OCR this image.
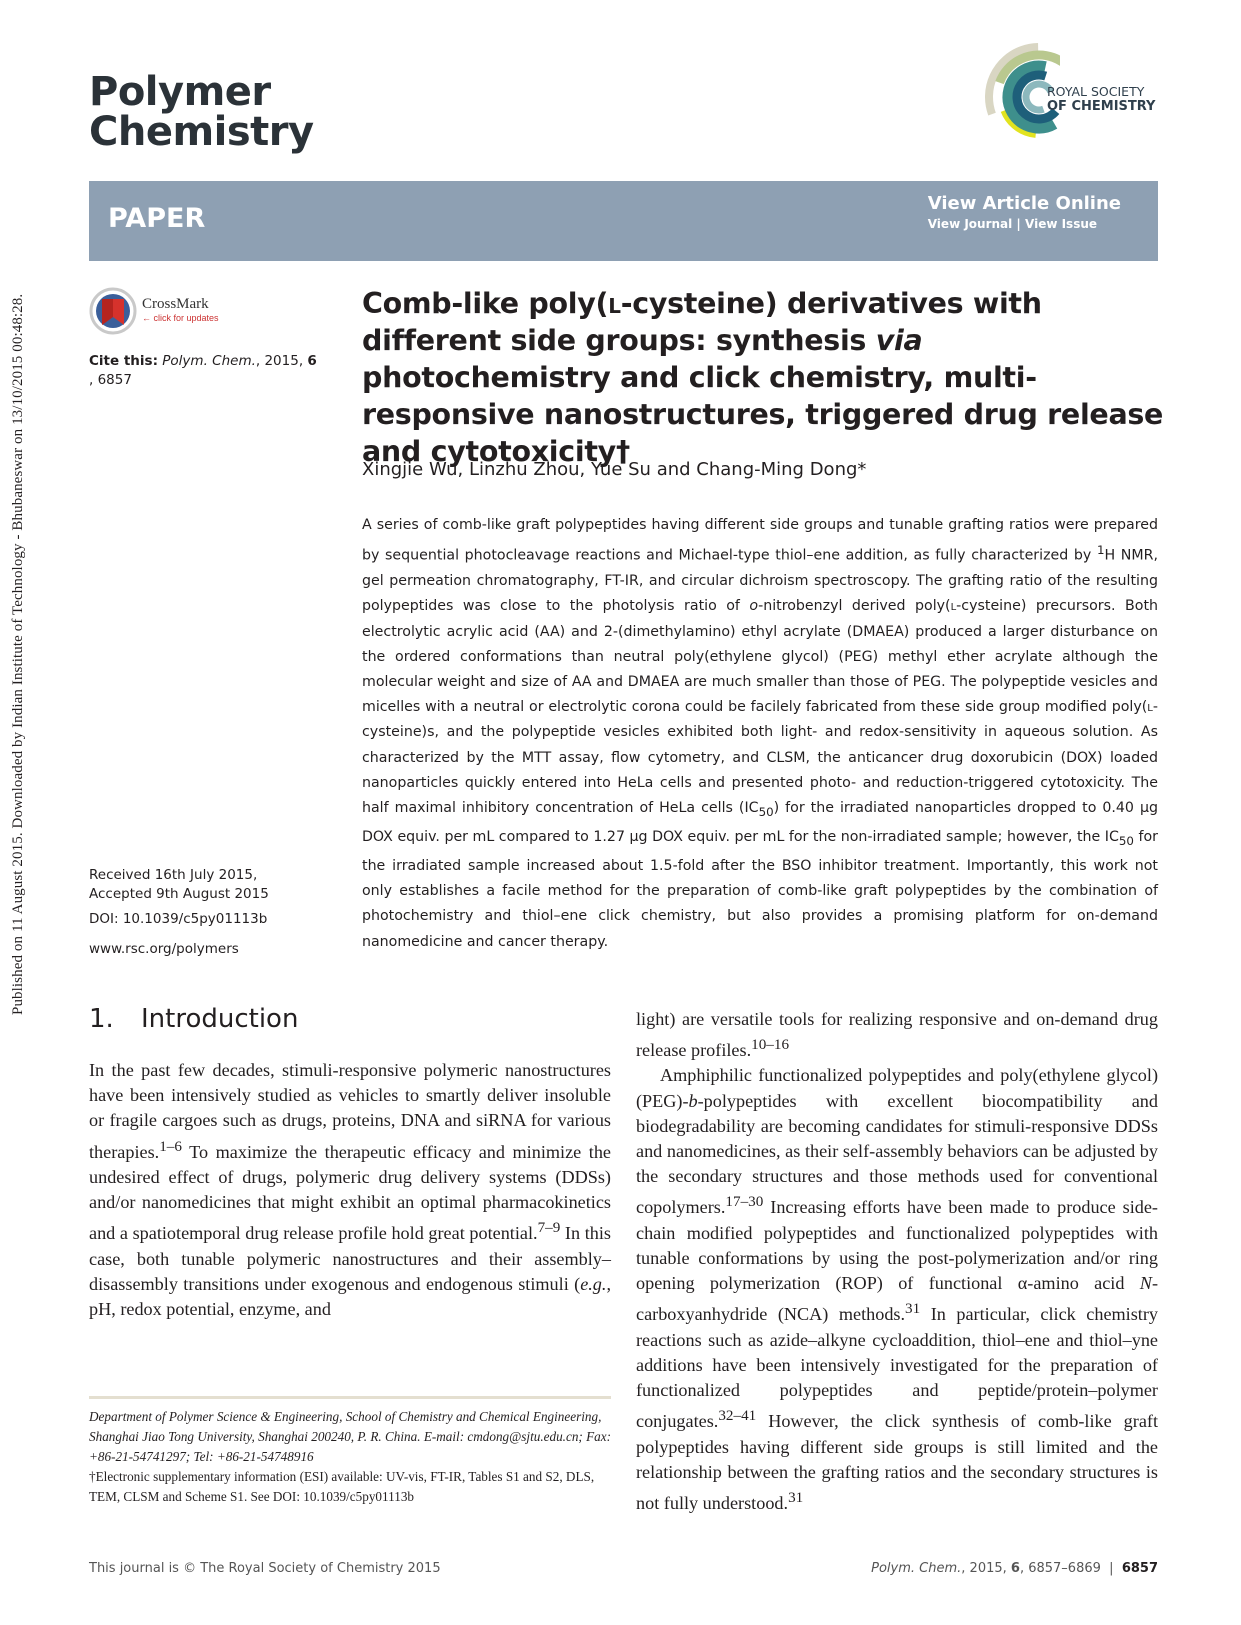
Published on 11 August 2015. Downloaded by Indian Institute of Technology - Bhubaneswar on 13/10/2015 00:48:28.
Polymer
Chemistry
ROYAL SOCIETY
OF CHEMISTRY
PAPER	View Article Online
View Journal | View Issue
CrossMark
← click for updates
Cite this: Polym. Chem., 2015, 6
, 6857
Received 16th July 2015,
Accepted 9th August 2015
DOI: 10.1039/c5py01113b
www.rsc.org/polymers
Comb-like poly(l-cysteine) derivatives with different side groups: synthesis via photochemistry and click chemistry, multi-responsive nanostructures, triggered drug release and cytotoxicity†
Xingjie Wu, Linzhu Zhou, Yue Su and Chang-Ming Dong*

A series of comb-like graft polypeptides having different side groups and tunable grafting ratios were prepared by sequential photocleavage reactions and Michael-type thiol–ene addition, as fully characterized by $^1$H NMR, gel permeation chromatography, FT-IR, and circular dichroism spectroscopy. The grafting ratio of the resulting polypeptides was close to the photolysis ratio of o-nitrobenzyl derived poly(l-cysteine) precursors. Both electrolytic acrylic acid (AA) and 2-(dimethylamino) ethyl acrylate (DMAEA) produced a larger disturbance on the ordered conformations than neutral poly(ethylene glycol) (PEG) methyl ether acrylate although the molecular weight and size of AA and DMAEA are much smaller than those of PEG. The polypeptide vesicles and micelles with a neutral or electrolytic corona could be facilely fabricated from these side group modified poly(l-cysteine)s, and the polypeptide vesicles exhibited both light- and redox-sensitivity in aqueous solution. As characterized by the MTT assay, flow cytometry, and CLSM, the anticancer drug doxorubicin (DOX) loaded nanoparticles quickly entered into HeLa cells and presented photo- and reduction-triggered cytotoxicity. The half maximal inhibitory concentration of HeLa cells $(IC_{50})$ for the irradiated nanoparticles dropped to 0.40 µg DOX equiv. per mL compared to 1.27 µg DOX equiv. per mL for the non-irradiated sample; however, the $IC_{50}$ for the irradiated sample increased about 1.5-fold after the BSO inhibitor treatment. Importantly, this work not only establishes a facile method for the preparation of comb-like graft polypeptides by the combination of photochemistry and thiol–ene click chemistry, but also provides a promising platform for on-demand nanomedicine and cancer therapy.

1. Introduction

In the past few decades, stimuli-responsive polymeric nanostructures have been intensively studied as vehicles to smartly deliver insoluble or fragile cargoes such as drugs, proteins, DNA and siRNA for various therapies.$^{1-6}$ To maximize the therapeutic efficacy and minimize the undesired effect of drugs, polymeric drug delivery systems (DDSs) and/or nanomedicines that might exhibit an optimal pharmacokinetics and a spatiotemporal drug release profile hold great potential.$^{7-9}$ In this case, both tunable polymeric nanostructures and their assembly–disassembly transitions under exogenous and endogenous stimuli (e.g., pH, redox potential, enzyme, and

light) are versatile tools for realizing responsive and on-demand drug release profiles.$^{10-16}$

Amphiphilic functionalized polypeptides and poly(ethylene glycol) (PEG)-b-polypeptides with excellent biocompatibility and biodegradability are becoming candidates for stimuli-responsive DDSs and nanomedicines, as their self-assembly behaviors can be adjusted by the secondary structures and those methods used for conventional copolymers.$^{17-30}$ Increasing efforts have been made to produce side-chain modified polypeptides and functionalized polypeptides with tunable conformations by using the post-polymerization and/or ring opening polymerization (ROP) of functional α-amino acid N-carboxyanhydride (NCA) methods.$^{31}$ In particular, click chemistry reactions such as azide–alkyne cycloaddition, thiol–ene and thiol–yne additions have been intensively investigated for the preparation of functionalized polypeptides and peptide/protein–polymer conjugates.$^{32-41}$ However, the click synthesis of comb-like graft polypeptides having different side groups is still limited and the relationship between the grafting ratios and the secondary structures is not fully understood.$^{31}$

Department of Polymer Science & Engineering, School of Chemistry and Chemical Engineering, Shanghai Jiao Tong University, Shanghai 200240, P. R. China. E-mail: cmdong@sjtu.edu.cn; Fax: +86-21-54741297; Tel: +86-21-54748916

†Electronic supplementary information (ESI) available: UV-vis, FT-IR, Tables S1 and S2, DLS, TEM, CLSM and Scheme S1. See DOI: 10.1039/c5py01113b

This journal is © The Royal Society of Chemistry 2015	Polym. Chem., 2015, 6, 6857–6869  |  6857
